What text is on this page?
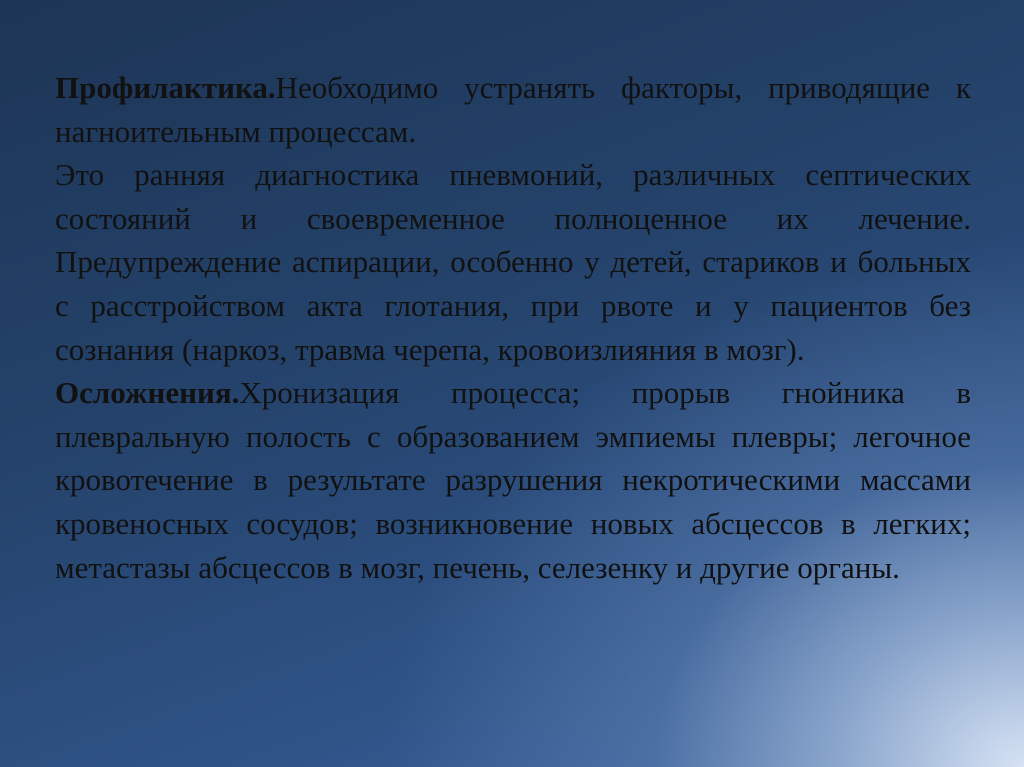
Профилактика.Необходимо устранять факторы, приводящие к нагноительным процессам.

Это ранняя диагностика пневмоний, различных септических состояний и своевременное полноценное их лечение. Предупреждение аспирации, особенно у детей, стариков и больных с расстройством акта глотания, при рвоте и у пациентов без сознания (наркоз, травма черепа, кровоизлияния в мозг).

Осложнения.Хронизация процесса; прорыв гнойника в плевральную полость с образованием эмпиемы плевры; легочное кровотечение в результате разрушения некротическими массами кровеносных сосудов; возникновение новых абсцессов в легких; метастазы абсцессов в мозг, печень, селезенку и другие органы.
